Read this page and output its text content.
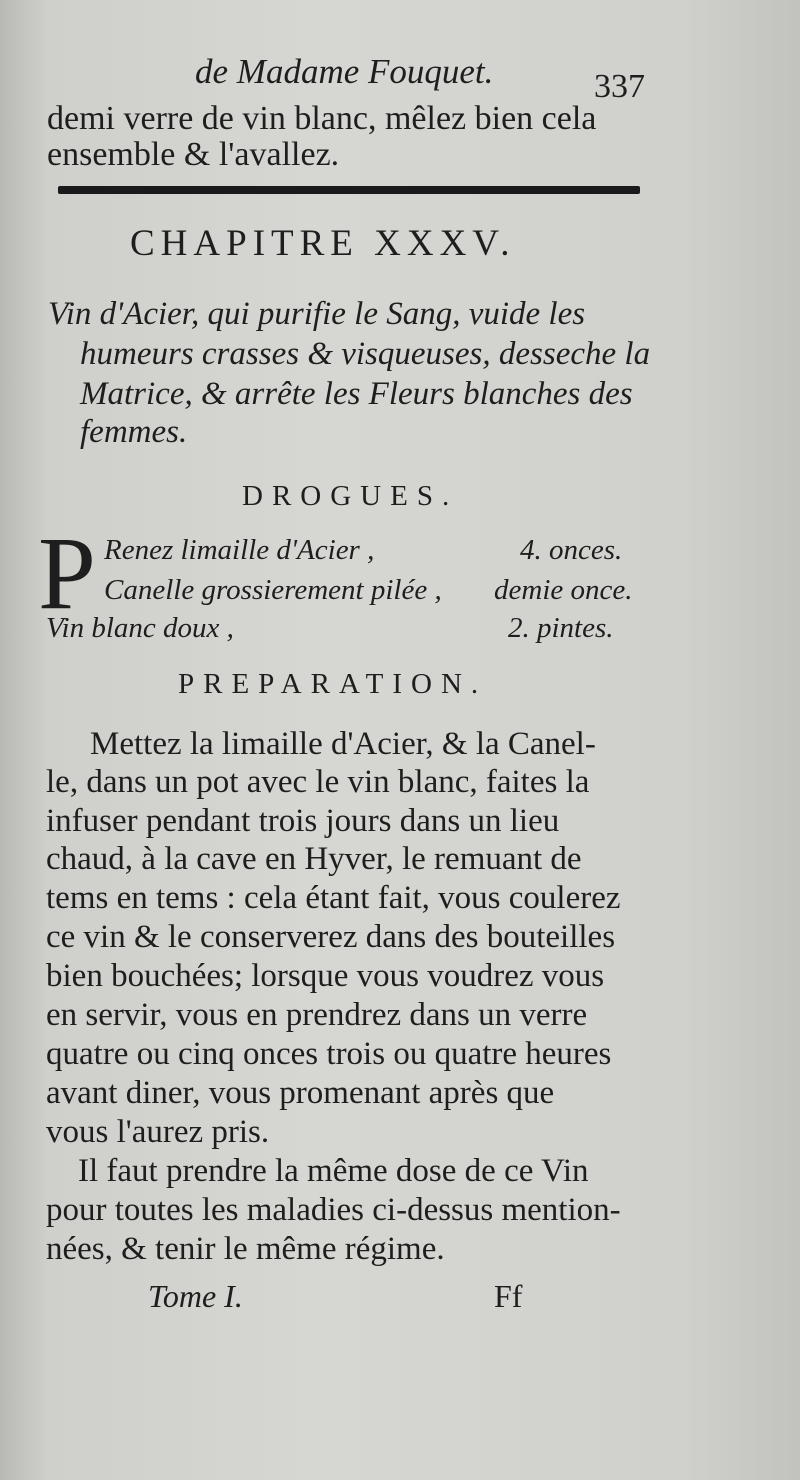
de Madame Fouquet.	337
demi verre de vin blanc, mêlez bien cela
ensemble & l'avallez.
CHAPITRE XXXV.
Vin d'Acier, qui purifie le Sang, vuide les
humeurs crasses & visqueuses, desseche la
Matrice, & arrête les Fleurs blanches des
femmes.
DROGUES.
P Renez limaille d'Acier ,	4. onces.
Canelle grossierement pilée , demie once.
Vin blanc doux ,	2. pintes.
PREPARATION.
Mettez la limaille d'Acier, & la Canel-
le, dans un pot avec le vin blanc, faites la
infuser pendant trois jours dans un lieu
chaud, à la cave en Hyver, le remuant de
tems en tems : cela étant fait, vous coulerez
ce vin & le conserverez dans des bouteilles
bien bouchées; lorsque vous voudrez vous
en servir, vous en prendrez dans un verre
quatre ou cinq onces trois ou quatre heures
avant diner, vous promenant après que
vous l'aurez pris.
Il faut prendre la même dose de ce Vin
pour toutes les maladies ci-dessus mention-
nées, & tenir le même régime.
Tome I.	Ff
